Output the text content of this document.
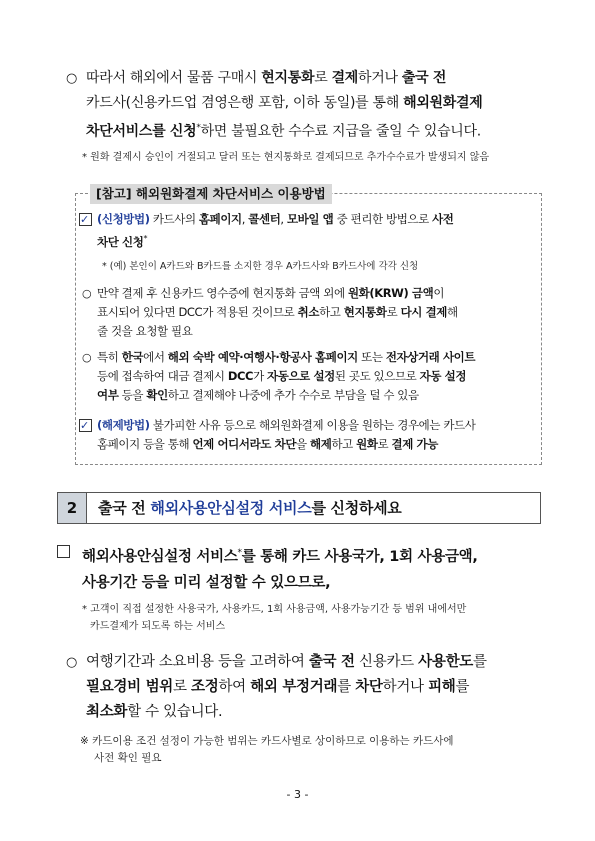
○ 따라서 해외에서 물품 구매시 현지통화로 결제하거나 출국 전
카드사(신용카드업 겸영은행 포함, 이하 동일)를 통해 해외원화결제
차단서비스를 신청*하면 불필요한 수수료 지급을 줄일 수 있습니다.
* 원화 결제시 승인이 거절되고 달러 또는 현지통화로 결제되므로 추가수수료가 발생되지 않음
[참고] 해외원화결제 차단서비스 이용방법
✓
(신청방법) 카드사의 홈페이지, 콜센터, 모바일 앱 중 편리한 방법으로 사전
차단 신청*
* (예) 본인이 A카드와 B카드를 소지한 경우 A카드사와 B카드사에 각각 신청
○ 만약 결제 후 신용카드 영수증에 현지통화 금액 외에 원화(KRW) 금액이
표시되어 있다면 DCC가 적용된 것이므로 취소하고 현지통화로 다시 결제해
줄 것을 요청할 필요
○ 특히 한국에서 해외 숙박 예약·여행사·항공사 홈페이지 또는 전자상거래 사이트
등에 접속하여 대금 결제시 DCC가 자동으로 설정된 곳도 있으므로 자동 설정
여부 등을 확인하고 결제해야 나중에 추가 수수로 부담을 덜 수 있음
✓
(해제방법) 불가피한 사유 등으로 해외원화결제 이용을 원하는 경우에는 카드사
홈페이지 등을 통해 언제 어디서라도 차단을 해제하고 원화로 결제 가능
2	출국 전 해외사용안심설정 서비스를 신청하세요
해외사용안심설정 서비스*를 통해 카드 사용국가, 1회 사용금액,
사용기간 등을 미리 설정할 수 있으므로,
* 고객이 직접 설정한 사용국가, 사용카드, 1회 사용금액, 사용가능기간 등 범위 내에서만
카드결제가 되도록 하는 서비스
○ 여행기간과 소요비용 등을 고려하여 출국 전 신용카드 사용한도를
필요경비 범위로 조정하여 해외 부정거래를 차단하거나 피해를
최소화할 수 있습니다.
※ 카드이용 조건 설정이 가능한 범위는 카드사별로 상이하므로 이용하는 카드사에
사전 확인 필요
- 3 -
